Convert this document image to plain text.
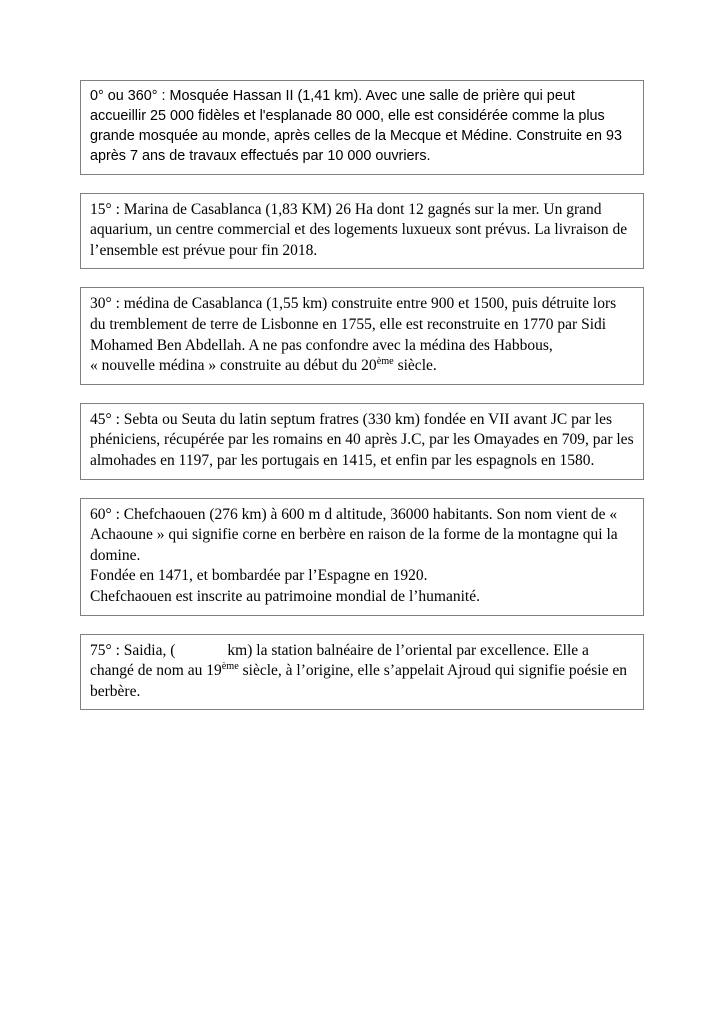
0° ou 360° : Mosquée Hassan II (1,41 km). Avec une salle de prière qui peut accueillir 25 000 fidèles et l'esplanade 80 000, elle est considérée comme la plus grande mosquée au monde, après celles de la Mecque et Médine. Construite en 93 après 7 ans de travaux effectués par 10 000 ouvriers.

15° : Marina de Casablanca (1,83 KM) 26 Ha dont 12 gagnés sur la mer. Un grand aquarium, un centre commercial et des logements luxueux sont prévus. La livraison de l’ensemble est prévue pour fin 2018.

30° : médina de Casablanca (1,55 km) construite entre 900 et 1500, puis détruite lors du tremblement de terre de Lisbonne en 1755, elle est reconstruite en 1770 par Sidi Mohamed Ben Abdellah. A ne pas confondre avec la médina des Habbous,

« nouvelle médina » construite au début du 20ème siècle.

45° : Sebta ou Seuta du latin septum fratres (330 km) fondée en VII avant JC par les phéniciens, récupérée par les romains en 40 après J.C, par les Omayades en 709, par les almohades en 1197, par les portugais en 1415, et enfin par les espagnols en 1580.

60° : Chefchaouen (276 km) à 600 m d altitude, 36000 habitants. Son nom vient de « Achaoune » qui signifie corne en berbère en raison de la forme de la montagne qui la domine.

Fondée en 1471, et bombardée par l’Espagne en 1920.

Chefchaouen est inscrite au patrimoine mondial de l’humanité.

75° : Saidia, (	km) la station balnéaire de l’oriental par excellence. Elle a changé de nom au 19ème siècle, à l’origine, elle s’appelait Ajroud qui signifie poésie en berbère.
